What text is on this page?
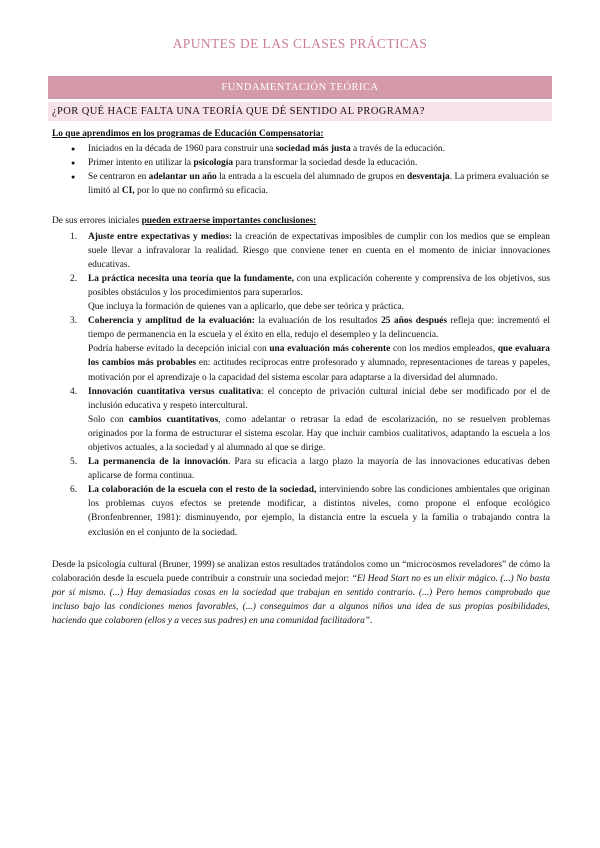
APUNTES DE LAS CLASES PRÁCTICAS
FUNDAMENTACIÓN TEÓRICA
¿POR QUÉ HACE FALTA UNA TEORÍA QUE DÉ SENTIDO AL PROGRAMA?

Lo que aprendimos en los programas de Educación Compensatoria:

● Iniciados en la década de 1960 para construir una sociedad más justa a través de la educación.
● Primer intento en utilizar la psicología para transformar la sociedad desde la educación.
● Se centraron en adelantar un año la entrada a la escuela del alumnado de grupos en desventaja. La primera evaluación se limitó al CI, por lo que no confirmó su eficacia.

De sus errores iniciales pueden extraerse importantes conclusiones:

1. Ajuste entre expectativas y medios: la creación de expectativas imposibles de cumplir con los medios que se emplean suele llevar a infravalorar la realidad. Riesgo que conviene tener en cuenta en el momento de iniciar innovaciones educativas.
2. La práctica necesita una teoría que la fundamente, con una explicación coherente y comprensiva de los objetivos, sus posibles obstáculos y los procedimientos para superarlos.
Que incluya la formación de quienes van a aplicarlo, que debe ser teórica y práctica.
3. Coherencia y amplitud de la evaluación: la evaluación de los resultados 25 años después refleja que: incrementó el tiempo de permanencia en la escuela y el éxito en ella, redujo el desempleo y la delincuencia.
Podría haberse evitado la decepción inicial con una evaluación más coherente con los medios empleados, que evaluara los cambios más probables en: actitudes recíprocas entre profesorado y alumnado, representaciones de tareas y papeles, motivación por el aprendizaje o la capacidad del sistema escolar para adaptarse a la diversidad del alumnado.
4. Innovación cuantitativa versus cualitativa: el concepto de privación cultural inicial debe ser modificado por el de inclusión educativa y respeto intercultural.
Solo con cambios cuantitativos, como adelantar o retrasar la edad de escolarización, no se resuelven problemas originados por la forma de estructurar el sistema escolar. Hay que incluir cambios cualitativos, adaptando la escuela a los objetivos actuales, a la sociedad y al alumnado al que se dirige.
5. La permanencia de la innovación. Para su eficacia a largo plazo la mayoría de las innovaciones educativas deben aplicarse de forma continua.
6. La colaboración de la escuela con el resto de la sociedad, interviniendo sobre las condiciones ambientales que originan los problemas cuyos efectos se pretende modificar, a distintos niveles, como propone el enfoque ecológico (Bronfenbrenner, 1981): disminuyendo, por ejemplo, la distancia entre la escuela y la familia o trabajando contra la exclusión en el conjunto de la sociedad.

Desde la psicología cultural (Bruner, 1999) se analizan estos resultados tratándolos como un “microcosmos reveladores” de cómo la colaboración desde la escuela puede contribuir a construir una sociedad mejor: “El Head Start no es un elixir mágico. (...) No basta por sí mismo. (...) Hay demasiadas cosas en la sociedad que trabajan en sentido contrario. (...) Pero hemos comprobado que incluso bajo las condiciones menos favorables, (...) conseguimos dar a algunos niños una idea de sus propias posibilidades, haciendo que colaboren (ellos y a veces sus padres) en una comunidad facilitadora”.
